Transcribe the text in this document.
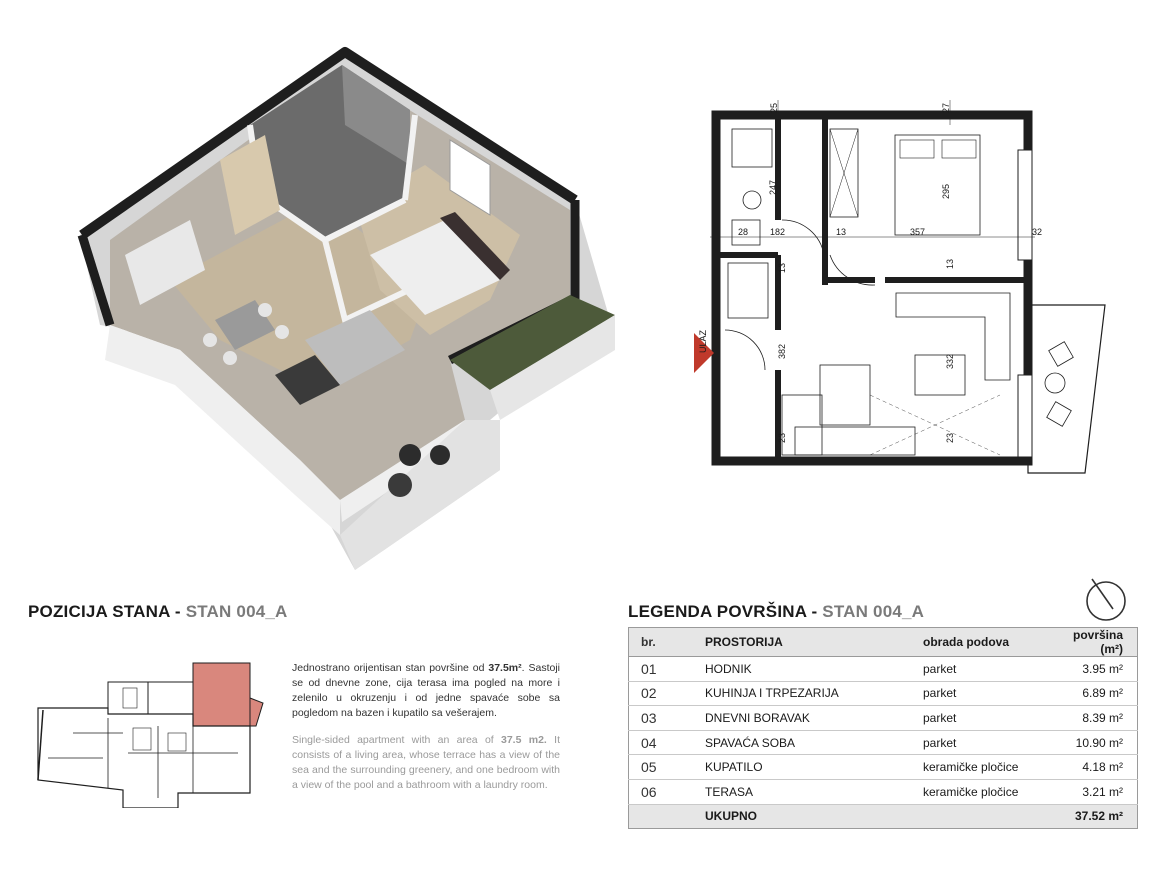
ULAZ
25	27
247	295
28 182	13	357	32
13	13
382
332
23	23
POZICIJA STANA - STAN 004_A
Jednostrano orijentisan stan površine od 37.5m². Sastoji se od dnevne zone, cija terasa ima pogled na more i zelenilo u okruzenju i od jedne spavaće sobe sa pogledom na bazen i kupatilo sa vešerajem.
Single-sided apartment with an area of 37.5 m2. It consists of a living area, whose terrace has a view of the sea and the surrounding greenery, and one bedroom with a view of the pool and a bathroom with a laundry room.
LEGENDA POVRŠINA - STAN 004_A
br.	PROSTORIJA	obrada podova	površina (m²)
01	HODNIK	parket	3.95 m²
02	KUHINJA I TRPEZARIJA	parket	6.89 m²
03	DNEVNI BORAVAK	parket	8.39 m²
04	SPAVAĆA SOBA	parket	10.90 m²
05	KUPATILO	keramičke pločice	4.18 m²
06	TERASA	keramičke pločice	3.21 m²
	UKUPNO		37.52 m²
